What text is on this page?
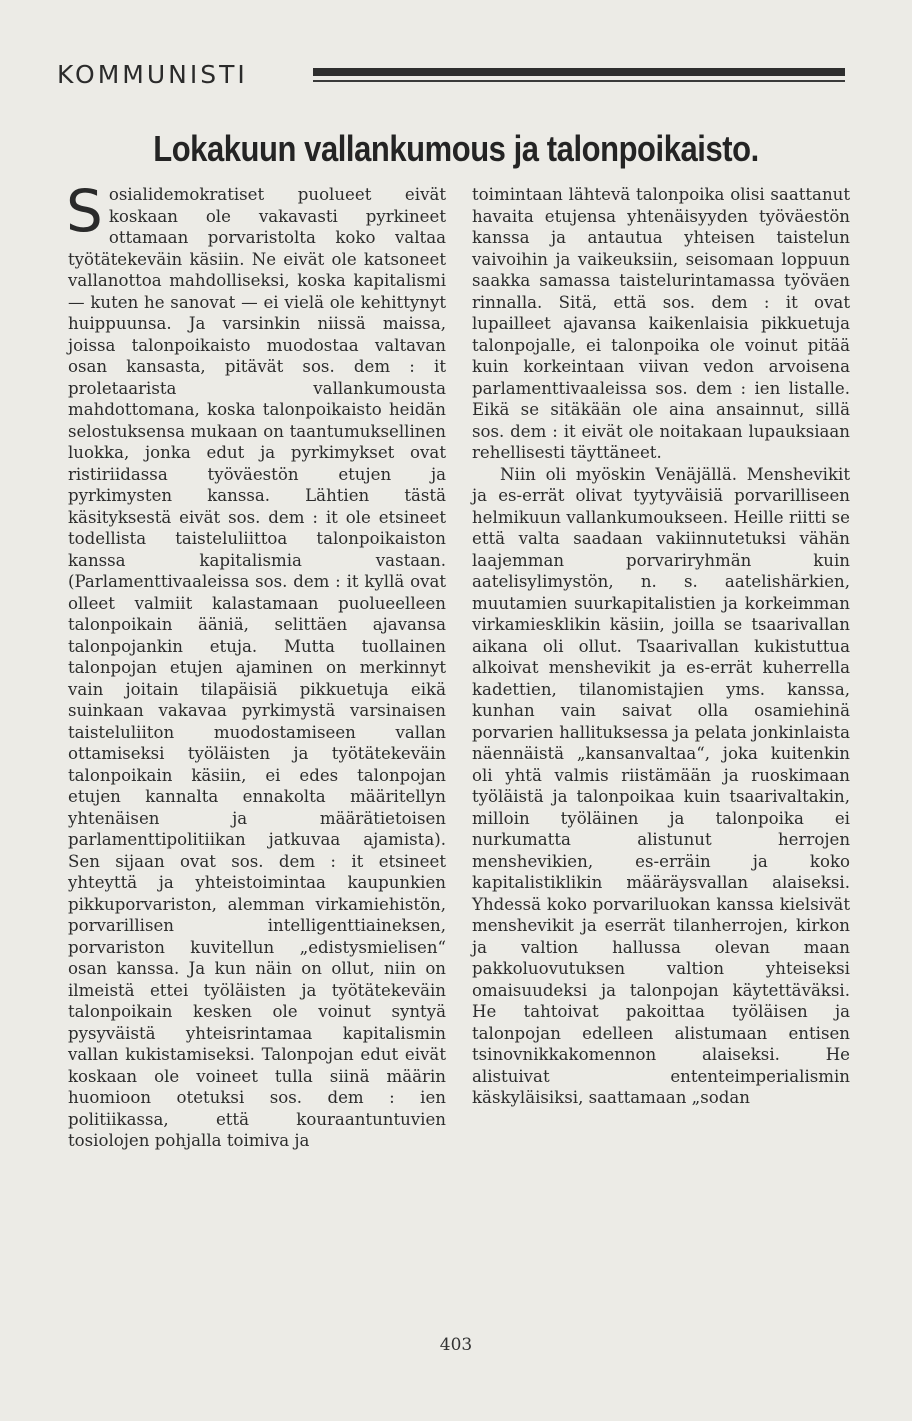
KOMMUNISTI
Lokakuun vallankumous ja talonpoikaisto.

Sosialidemokratiset puolueet eivät koskaan ole vakavasti pyrkineet ottamaan porvaristolta koko valtaa työtätekeväin käsiin. Ne eivät ole katsoneet vallanottoa mahdolliseksi, koska kapitalismi — kuten he sanovat — ei vielä ole kehittynyt huippuunsa. Ja varsinkin niissä maissa, joissa talonpoikaisto muodostaa valtavan osan kansasta, pitävät sos. dem : it proletaarista vallankumousta mahdottomana, koska talonpoikaisto heidän selostuksensa mukaan on taantumuksellinen luokka, jonka edut ja pyrkimykset ovat ristiriidassa työväestön etujen ja pyrkimysten kanssa. Lähtien tästä käsityksestä eivät sos. dem : it ole etsineet todellista taisteluliittoa talonpoikaiston kanssa kapitalismia vastaan. (Parlamenttivaaleissa sos. dem : it kyllä ovat olleet valmiit kalastamaan puolueelleen talonpoikain ääniä, selittäen ajavansa talonpojankin etuja. Mutta tuollainen talonpojan etujen ajaminen on merkinnyt vain joitain tilapäisiä pikkuetuja eikä suinkaan vakavaa pyrkimystä varsinaisen taisteluliiton muodostamiseen vallan ottamiseksi työläisten ja työtätekeväin talonpoikain käsiin, ei edes talonpojan etujen kannalta ennakolta määritellyn yhtenäisen ja määrätietoisen parlamenttipolitiikan jatkuvaa ajamista). Sen sijaan ovat sos. dem : it etsineet yhteyttä ja yhteistoimintaa kaupunkien pikkuporvariston, alemman virkamiehistön, porvarillisen intelligenttiaineksen, porvariston kuvitellun „edistysmielisen“ osan kanssa. Ja kun näin on ollut, niin on ilmeistä ettei työläisten ja työtätekeväin talonpoikain kesken ole voinut syntyä pysyväistä yhteisrintamaa kapitalismin vallan kukistamiseksi. Talonpojan edut eivät koskaan ole voineet tulla siinä määrin huomioon otetuksi sos. dem : ien politiikassa, että kouraantuntuvien tosiolojen pohjalla toimiva ja

toimintaan lähtevä talonpoika olisi saattanut havaita etujensa yhtenäisyyden työväestön kanssa ja antautua yhteisen taistelun vaivoihin ja vaikeuksiin, seisomaan loppuun saakka samassa taistelurintamassa työväen rinnalla. Sitä, että sos. dem : it ovat lupailleet ajavansa kaikenlaisia pikkuetuja talonpojalle, ei talonpoika ole voinut pitää kuin korkeintaan viivan vedon arvoisena parlamenttivaaleissa sos. dem : ien listalle. Eikä se sitäkään ole aina ansainnut, sillä sos. dem : it eivät ole noitakaan lupauksiaan rehellisesti täyttäneet.

Niin oli myöskin Venäjällä. Menshevikit ja es-errät olivat tyytyväisiä porvarilliseen helmikuun vallankumoukseen. Heille riitti se että valta saadaan vakiinnutetuksi vähän laajemman porvariryhmän kuin aatelisylimystön, n. s. aatelishärkien, muutamien suurkapitalistien ja korkeimman virkamiesklikin käsiin, joilla se tsaarivallan aikana oli ollut. Tsaarivallan kukistuttua alkoivat menshevikit ja es-errät kuherrella kadettien, tilanomistajien yms. kanssa, kunhan vain saivat olla osamiehinä porvarien hallituksessa ja pelata jonkinlaista näennäistä „kansanvaltaa“, joka kuitenkin oli yhtä valmis riistämään ja ruoskimaan työläistä ja talonpoikaa kuin tsaarivaltakin, milloin työläinen ja talonpoika ei nurkumatta alistunut herrojen menshevikien, es-erräin ja koko kapitalistiklikin määräysvallan alaiseksi. Yhdessä koko porvariluokan kanssa kielsivät menshevikit ja eserrät tilanherrojen, kirkon ja valtion hallussa olevan maan pakkoluovutuksen valtion yhteiseksi omaisuudeksi ja talonpojan käytettäväksi. He tahtoivat pakoittaa työläisen ja talonpojan edelleen alistumaan entisen tsinovnikkakomennon alaiseksi. He alistuivat ententeimperialismin käskyläisiksi, saattamaan „sodan

403
